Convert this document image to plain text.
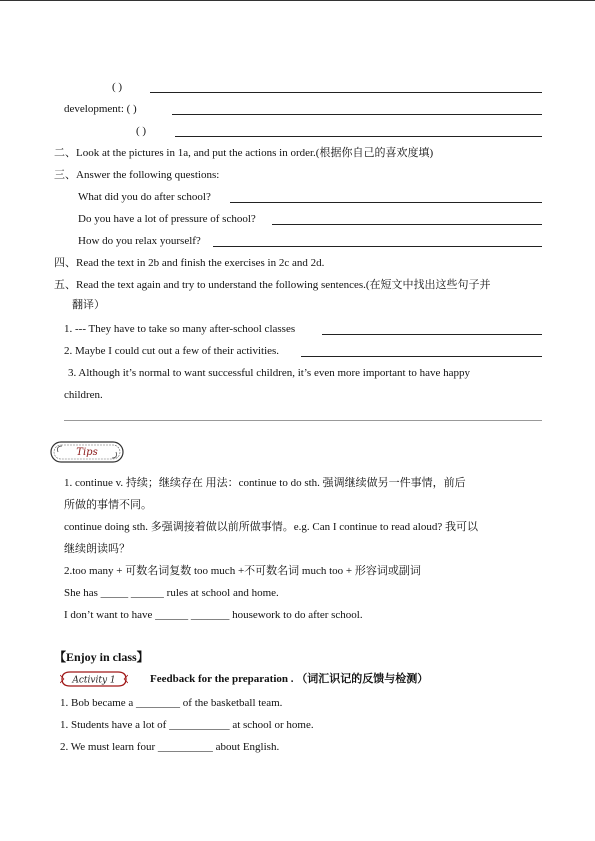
( )
development: ( )
( )
二、Look at the pictures in 1a, and put the actions in order.(根据你自己的喜欢度填)
三、Answer the following questions:
What did you do after school?
Do you have a lot of pressure of school?
How do you relax yourself?
四、Read the text in 2b and finish the exercises in 2c and 2d.
五、Read the text again and try to understand the following sentences.(在短文中找出这些句子并
翻译）
1. --- They have to take so many after-school classes
2. Maybe I could cut out a few of their activities.
3. Although it’s normal to want successful children, it’s even more important to have happy
children.
Tips
1. continue v. 持续；继续存在 用法：continue to do sth. 强调继续做另一件事情，前后
所做的事情不同。
continue doing sth. 多强调接着做以前所做事情。e.g. Can I continue to read aloud? 我可以
继续朗读吗？
2.too many + 可数名词复数 too much +不可数名词 much too + 形容词或副词
She has _____ ______ rules at school and home.
I don’t want to have ______ _______ housework to do after school.
【Enjoy in class】
Activity 1	Feedback for the preparation . （词汇识记的反馈与检测）
1. Bob became a ________ of the basketball team.
1. Students have a lot of ___________ at school or home.
2. We must learn four __________ about English.
